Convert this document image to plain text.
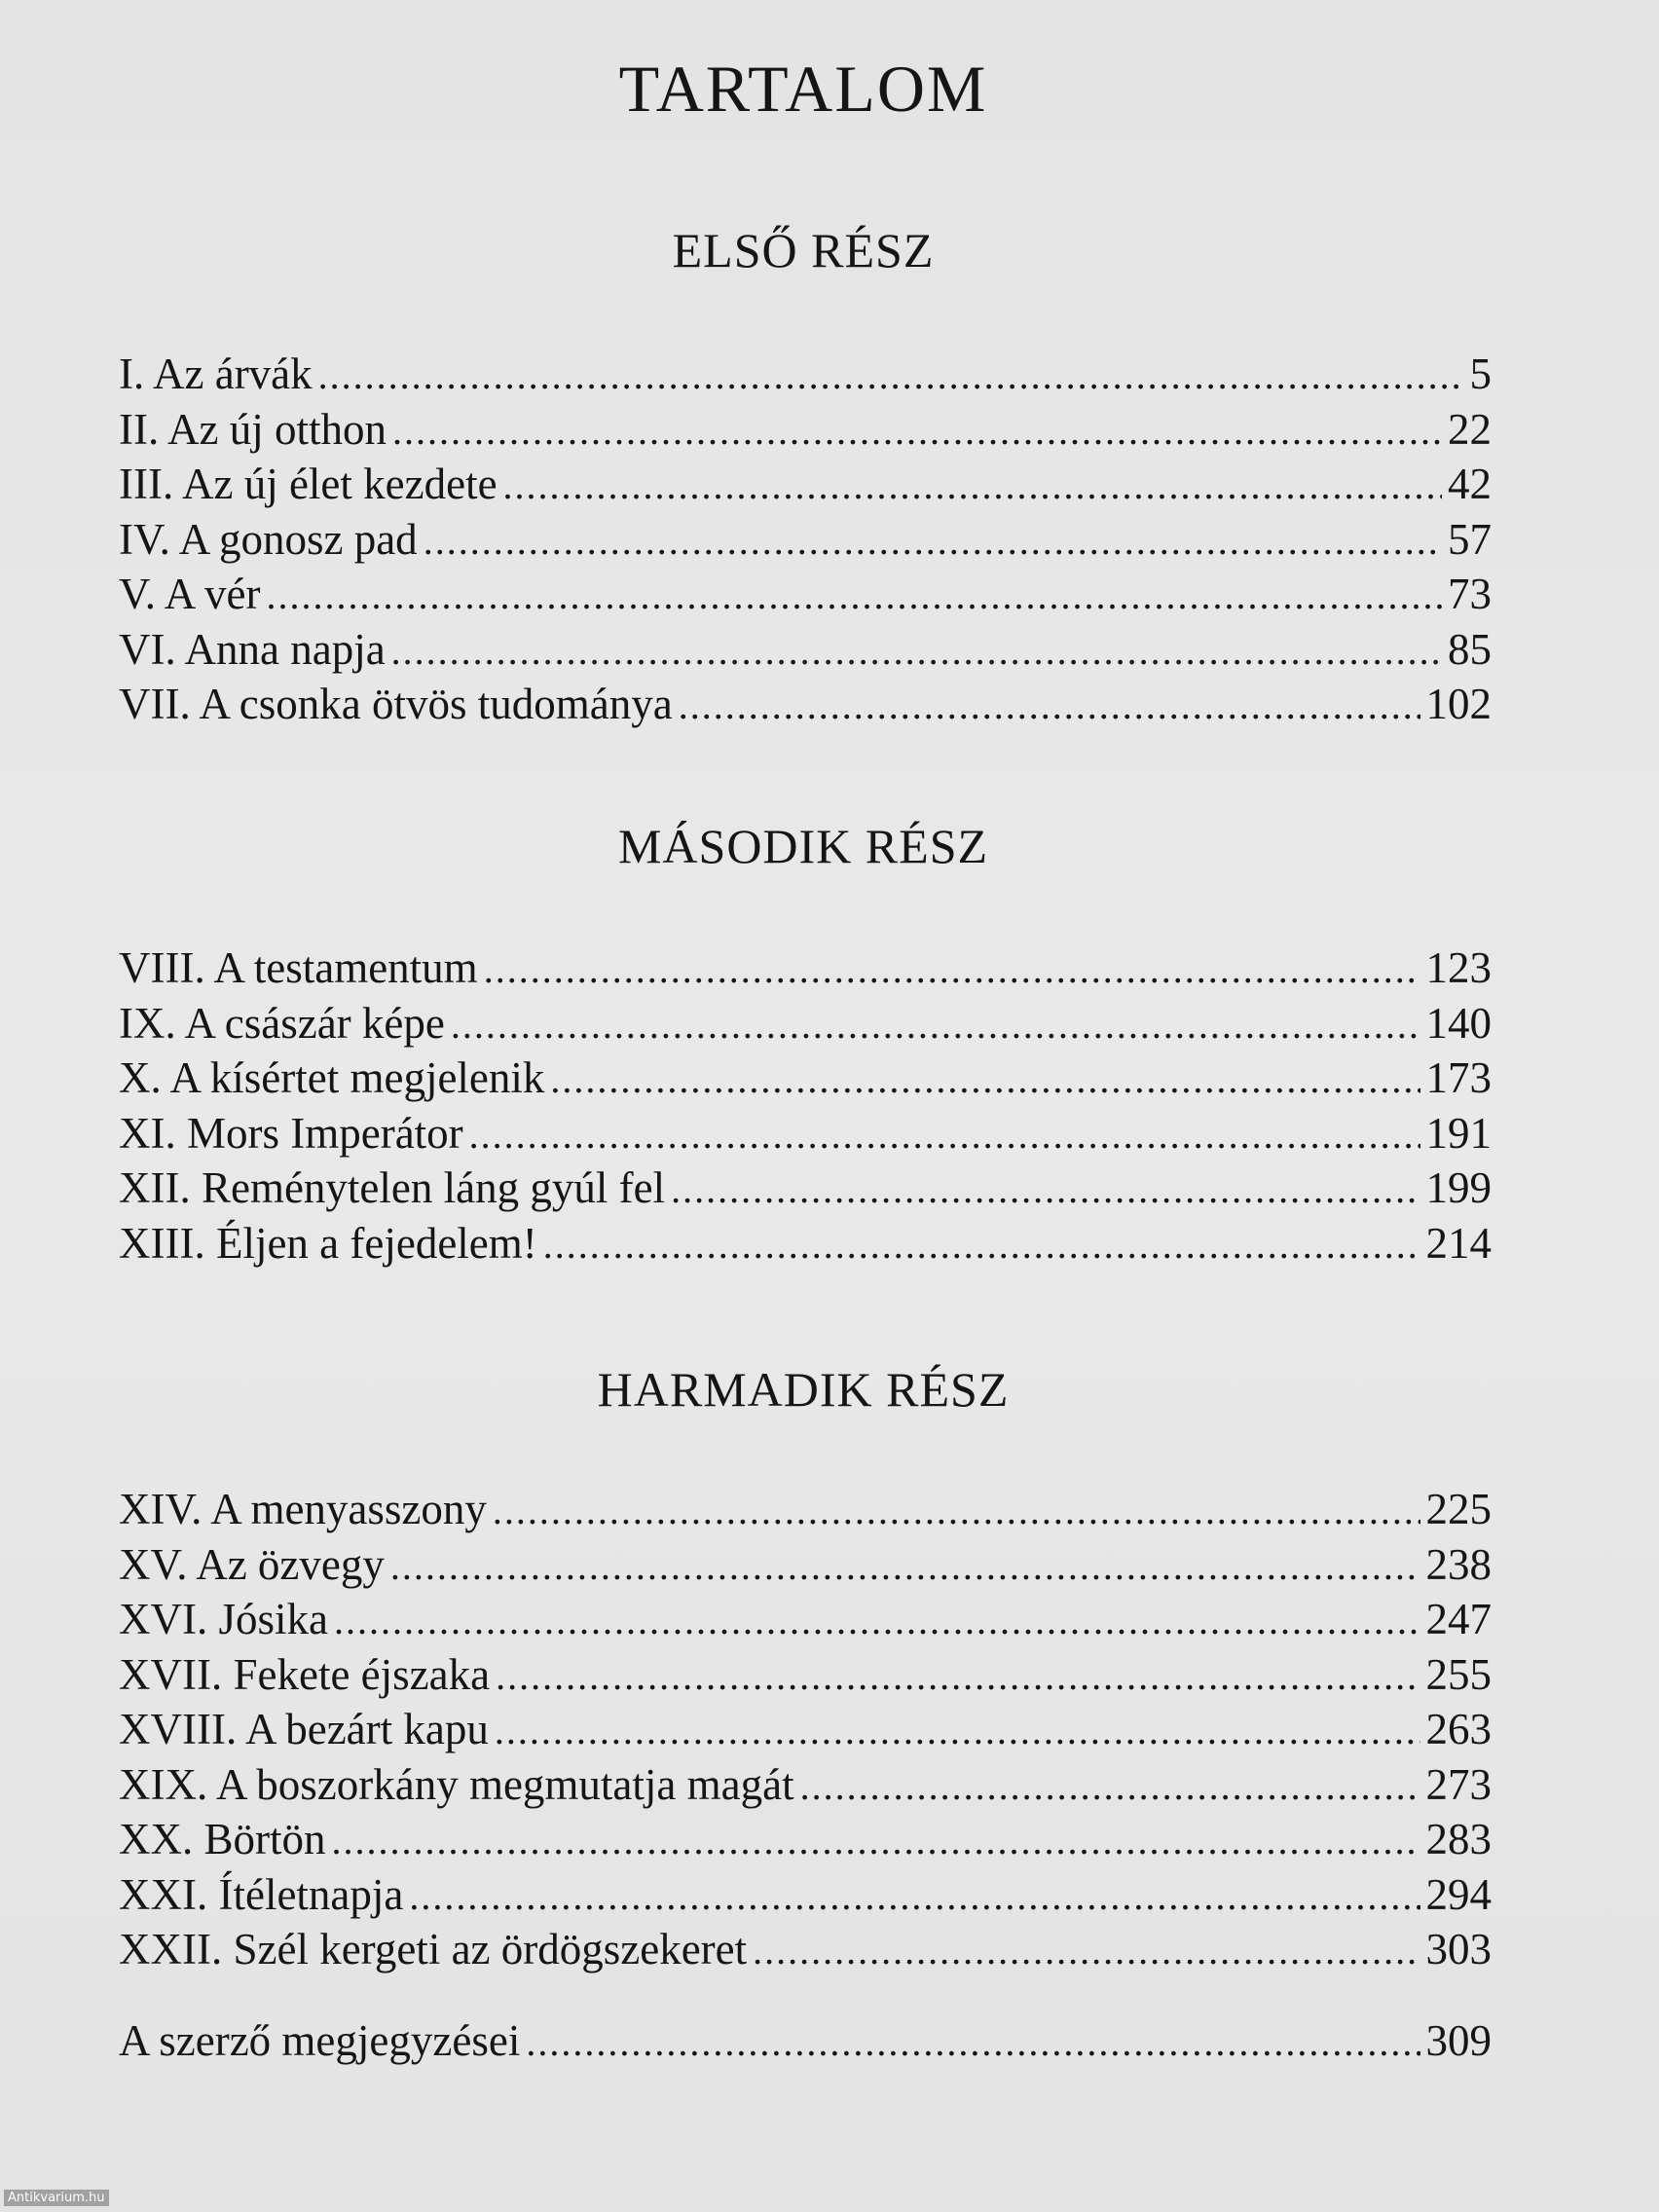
TARTALOM
ELSŐ RÉSZ
I. Az árvák .....	5
II. Az új otthon .....	22
III. Az új élet kezdete .....	42
IV. A gonosz pad .....	57
V. A vér .....	73
VI. Anna napja .....	85
VII. A csonka ötvös tudománya .....	102
MÁSODIK RÉSZ
VIII. A testamentum .....	123
IX. A császár képe .....	140
X. A kísértet megjelenik .....	173
XI. Mors Imperátor .....	191
XII. Reménytelen láng gyúl fel .....	199
XIII. Éljen a fejedelem! .....	214
HARMADIK RÉSZ
XIV. A menyasszony .....	225
XV. Az özvegy .....	238
XVI. Jósika .....	247
XVII. Fekete éjszaka .....	255
XVIII. A bezárt kapu .....	263
XIX. A boszorkány megmutatja magát .....	273
XX. Börtön .....	283
XXI. Ítéletnapja .....	294
XXII. Szél kergeti az ördögszekeret .....	303
A szerző megjegyzései .....	309
Antikvarium.hu
